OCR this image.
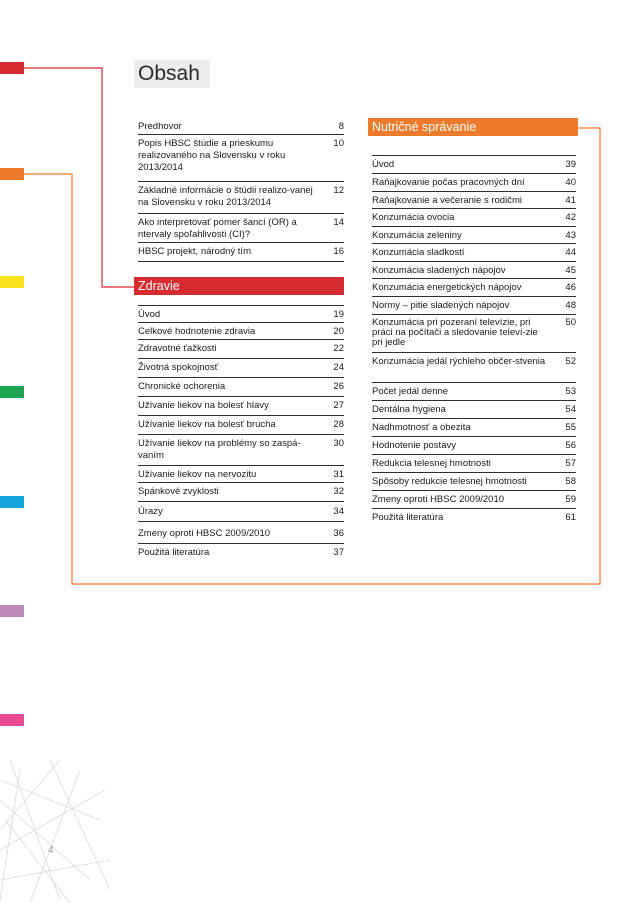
Obsah
Predhovor	8
Popis HBSC štúdie a prieskumu realizovaného na Slovensku v roku 2013/2014
10
Základné informácie o štúdii realizo-vanej na Slovensku v roku 2013/2014
12
Ako interpretovať pomer šancí (OR) a ntervaly spoľahlivosti (CI)?
14
HBSC projekt, národný tím	16
Zdravie
Úvod	19
Celkové hodnotenie zdravia	20
Zdravotné ťažkosti	22
Životná spokojnosť	24
Chronické ochorenia	26
Užívanie liekov na bolesť hlavy	27
Užívanie liekov na bolesť brucha	28
Užívanie liekov na problémy so zaspá-vaním
30
Užívanie liekov na nervozitu	31
Spánkové zvyklosti	32
Úrazy	34
Zmeny oproti HBSC 2009/2010	36
Použitá literatúra	37
Nutričné správanie
Úvod	39
Raňajkovanie počas pracovných dní	40
Raňajkovanie a večeranie s rodičmi	41
Konzumácia ovocia	42
Konzumácia zeleniny	43
Konzumácia sladkostí	44
Konzumácia sladených nápojov	45
Konzumácia energetických nápojov	46
Normy – pitie sladených nápojov	48
Konzumácia pri pozeraní televízie, pri práci na počítači a sledovanie televí-zie pri jedle
50
Konzumácia jedál rýchleho občer-stvenia	52
Počet jedál denne	53
Dentálna hygiena	54
Nadhmotnosť a obezita	55
Hodnotenie postavy	56
Redukcia telesnej hmotnosti	57
Spôsoby redukcie telesnej hmotnosti	58
Zmeny oproti HBSC 2009/2010	59
Použitá literatúra	61
4
